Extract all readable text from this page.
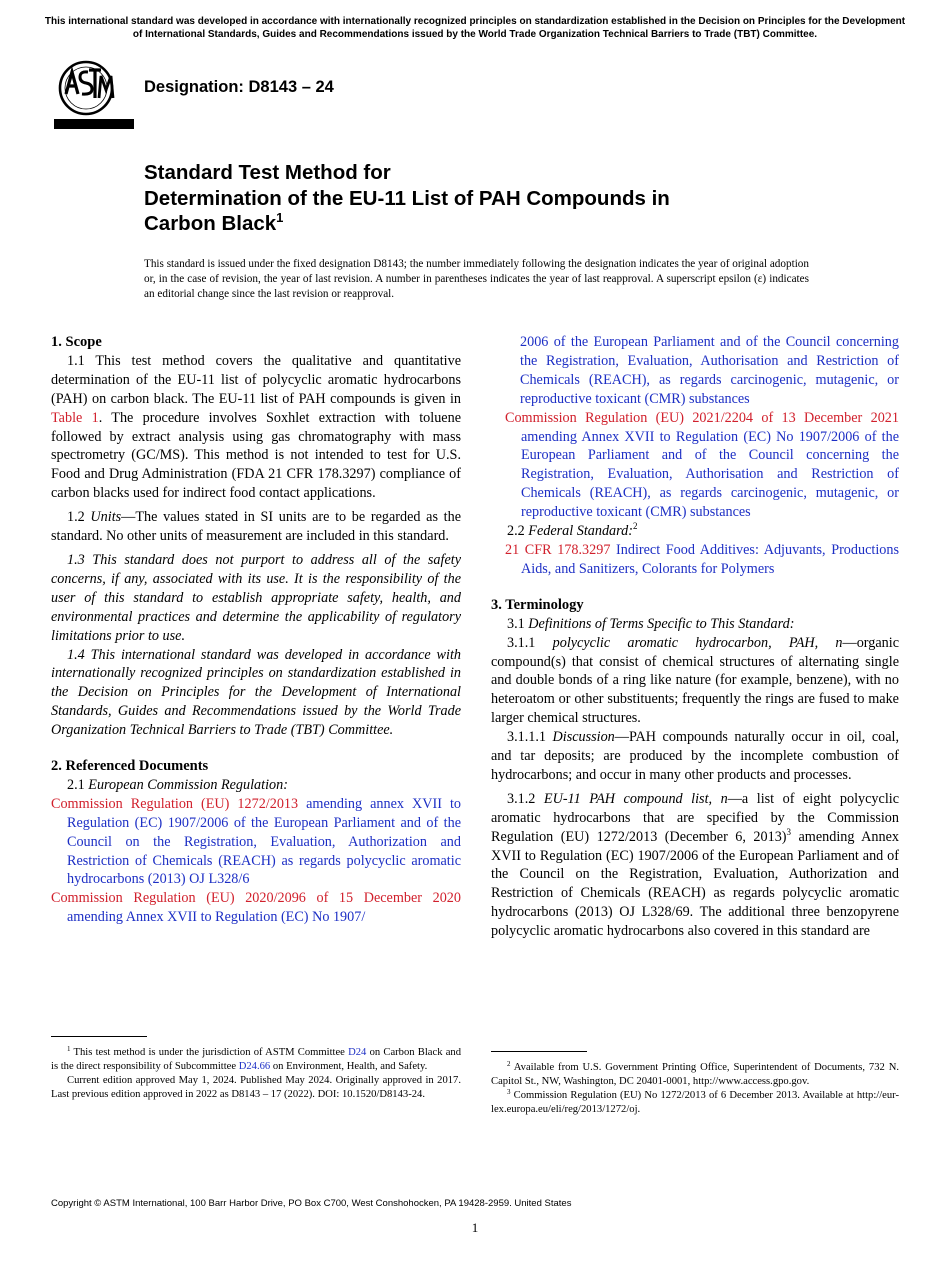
This international standard was developed in accordance with internationally recognized principles on standardization established in the Decision on Principles for the Development of International Standards, Guides and Recommendations issued by the World Trade Organization Technical Barriers to Trade (TBT) Committee.
Designation: D8143 – 24
Standard Test Method for
Determination of the EU-11 List of PAH Compounds in
Carbon Black$^1$
This standard is issued under the fixed designation D8143; the number immediately following the designation indicates the year of original adoption or, in the case of revision, the year of last revision. A number in parentheses indicates the year of last reapproval. A superscript epsilon (ε) indicates an editorial change since the last revision or reapproval.

1. Scope

1.1 This test method covers the qualitative and quantitative determination of the EU-11 list of polycyclic aromatic hydrocarbons (PAH) on carbon black. The EU-11 list of PAH compounds is given in Table 1. The procedure involves Soxhlet extraction with toluene followed by extract analysis using gas chromatography with mass spectrometry (GC/MS). This method is not intended to test for U.S. Food and Drug Administration (FDA 21 CFR 178.3297) compliance of carbon blacks used for indirect food contact applications.

1.2 Units—The values stated in SI units are to be regarded as the standard. No other units of measurement are included in this standard.

1.3 This standard does not purport to address all of the safety concerns, if any, associated with its use. It is the responsibility of the user of this standard to establish appropriate safety, health, and environmental practices and determine the applicability of regulatory limitations prior to use.

1.4 This international standard was developed in accordance with internationally recognized principles on standardization established in the Decision on Principles for the Development of International Standards, Guides and Recommendations issued by the World Trade Organization Technical Barriers to Trade (TBT) Committee.

2. Referenced Documents

2.1 European Commission Regulation:

Commission Regulation (EU) 1272/2013 amending annex XVII to Regulation (EC) 1907/2006 of the European Parliament and of the Council on the Registration, Evaluation, Authorization and Restriction of Chemicals (REACH) as regards polycyclic aromatic hydrocarbons (2013) OJ L328/6

Commission Regulation (EU) 2020/2096 of 15 December 2020 amending Annex XVII to Regulation (EC) No 1907/

$^1$ This test method is under the jurisdiction of ASTM Committee D24 on Carbon Black and is the direct responsibility of Subcommittee D24.66 on Environment, Health, and Safety.

Current edition approved May 1, 2024. Published May 2024. Originally approved in 2017. Last previous edition approved in 2022 as D8143 – 17 (2022). DOI: 10.1520/D8143-24.

2006 of the European Parliament and of the Council concerning the Registration, Evaluation, Authorisation and Restriction of Chemicals (REACH), as regards carcinogenic, mutagenic, or reproductive toxicant (CMR) substances

Commission Regulation (EU) 2021/2204 of 13 December 2021 amending Annex XVII to Regulation (EC) No 1907/2006 of the European Parliament and of the Council concerning the Registration, Evaluation, Authorisation and Restriction of Chemicals (REACH), as regards carcinogenic, mutagenic, or reproductive toxicant (CMR) substances

2.2 Federal Standard:$^2$

21 CFR 178.3297 Indirect Food Additives: Adjuvants, Productions Aids, and Sanitizers, Colorants for Polymers

3. Terminology

3.1 Definitions of Terms Specific to This Standard:

3.1.1 polycyclic aromatic hydrocarbon, PAH, n—organic compound(s) that consist of chemical structures of alternating single and double bonds of a ring like nature (for example, benzene), with no heteroatom or other substituents; frequently the rings are fused to make larger chemical structures.

3.1.1.1 Discussion—PAH compounds naturally occur in oil, coal, and tar deposits; are produced by the incomplete combustion of hydrocarbons; and occur in many other products and processes.

3.1.2 EU-11 PAH compound list, n—a list of eight polycyclic aromatic hydrocarbons that are specified by the Commission Regulation (EU) 1272/2013 (December 6, 2013)$^3$ amending Annex XVII to Regulation (EC) 1907/2006 of the European Parliament and of the Council on the Registration, Evaluation, Authorization and Restriction of Chemicals (REACH) as regards polycyclic aromatic hydrocarbons (2013) OJ L328/69. The additional three benzopyrene polycyclic aromatic hydrocarbons also covered in this standard are

$^2$ Available from U.S. Government Printing Office, Superintendent of Documents, 732 N. Capitol St., NW, Washington, DC 20401-0001, http://www.access.gpo.gov.

$^3$ Commission Regulation (EU) No 1272/2013 of 6 December 2013. Available at http://eur-lex.europa.eu/eli/reg/2013/1272/oj.

Copyright © ASTM International, 100 Barr Harbor Drive, PO Box C700, West Conshohocken, PA 19428-2959. United States
1
